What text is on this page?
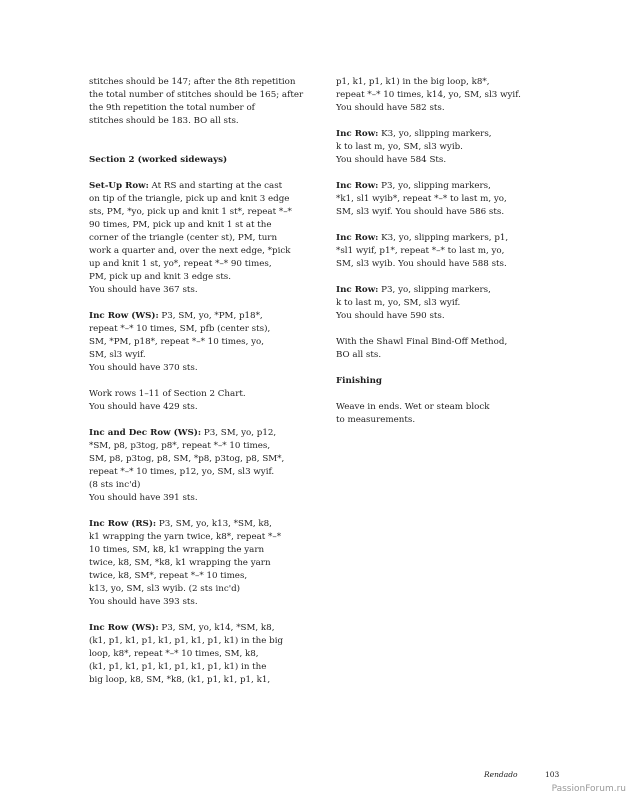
stitches should be 147; after the 8th repetition
the total number of stitches should be 165; after
the 9th repetition the total number of
stitches should be 183. BO all sts.

Section 2 (worked sideways)

Set-Up Row: At RS and starting at the cast
on tip of the triangle, pick up and knit 3 edge
sts, PM, *yo, pick up and knit 1 st*, repeat *–*
90 times, PM, pick up and knit 1 st at the
corner of the triangle (center st), PM, turn
work a quarter and, over the next edge, *pick
up and knit 1 st, yo*, repeat *–* 90 times,
PM, pick up and knit 3 edge sts.
You should have 367 sts.

Inc Row (WS): P3, SM, yo, *PM, p18*,
repeat *–* 10 times, SM, pfb (center sts),
SM, *PM, p18*, repeat *–* 10 times, yo,
SM, sl3 wyif.
You should have 370 sts.

Work rows 1–11 of Section 2 Chart.
You should have 429 sts.

Inc and Dec Row (WS): P3, SM, yo, p12,
*SM, p8, p3tog, p8*, repeat *–* 10 times,
SM, p8, p3tog, p8, SM, *p8, p3tog, p8, SM*,
repeat *–* 10 times, p12, yo, SM, sl3 wyif.
(8 sts inc'd)
You should have 391 sts.

Inc Row (RS): P3, SM, yo, k13, *SM, k8,
k1 wrapping the yarn twice, k8*, repeat *–*
10 times, SM, k8, k1 wrapping the yarn
twice, k8, SM, *k8, k1 wrapping the yarn
twice, k8, SM*, repeat *–* 10 times,
k13, yo, SM, sl3 wyib. (2 sts inc'd)
You should have 393 sts.

Inc Row (WS): P3, SM, yo, k14, *SM, k8,
(k1, p1, k1, p1, k1, p1, k1, p1, k1) in the big
loop, k8*, repeat *–* 10 times, SM, k8,
(k1, p1, k1, p1, k1, p1, k1, p1, k1) in the
big loop, k8, SM, *k8, (k1, p1, k1, p1, k1,

p1, k1, p1, k1) in the big loop, k8*,
repeat *–* 10 times, k14, yo, SM, sl3 wyif.
You should have 582 sts.

Inc Row: K3, yo, slipping markers,
k to last m, yo, SM, sl3 wyib.
You should have 584 Sts.

Inc Row: P3, yo, slipping markers,
*k1, sl1 wyib*, repeat *–* to last m, yo,
SM, sl3 wyif. You should have 586 sts.

Inc Row: K3, yo, slipping markers, p1,
*sl1 wyif, p1*, repeat *–* to last m, yo,
SM, sl3 wyib. You should have 588 sts.

Inc Row: P3, yo, slipping markers,
k to last m, yo, SM, sl3 wyif.
You should have 590 sts.

With the Shawl Final Bind-Off Method,
BO all sts.

Finishing

Weave in ends. Wet or steam block
to measurements.

Rendado	103
PassionForum.ru
